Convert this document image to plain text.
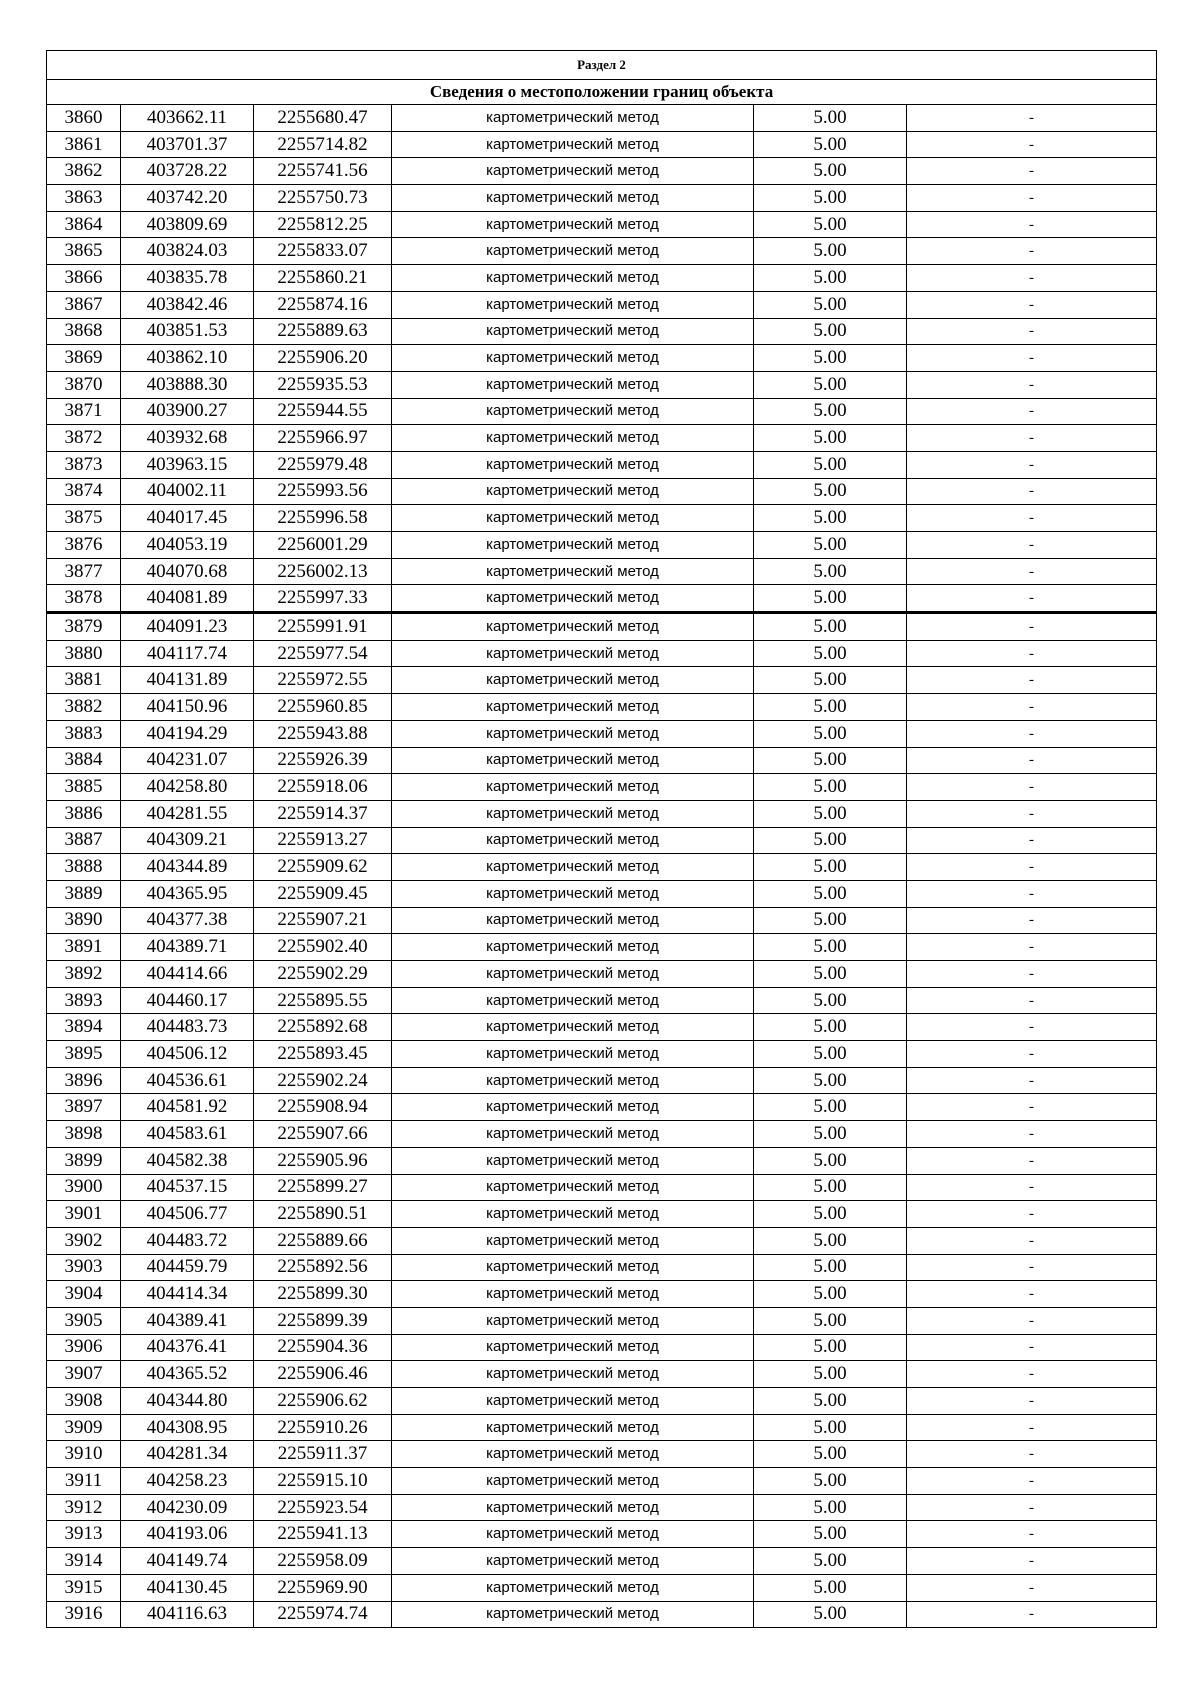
Раздел 2					
Сведения о местоположении границ объекта					
3860	403662.11	2255680.47	картометрический метод	5.00	-
3861	403701.37	2255714.82	картометрический метод	5.00	-
3862	403728.22	2255741.56	картометрический метод	5.00	-
3863	403742.20	2255750.73	картометрический метод	5.00	-
3864	403809.69	2255812.25	картометрический метод	5.00	-
3865	403824.03	2255833.07	картометрический метод	5.00	-
3866	403835.78	2255860.21	картометрический метод	5.00	-
3867	403842.46	2255874.16	картометрический метод	5.00	-
3868	403851.53	2255889.63	картометрический метод	5.00	-
3869	403862.10	2255906.20	картометрический метод	5.00	-
3870	403888.30	2255935.53	картометрический метод	5.00	-
3871	403900.27	2255944.55	картометрический метод	5.00	-
3872	403932.68	2255966.97	картометрический метод	5.00	-
3873	403963.15	2255979.48	картометрический метод	5.00	-
3874	404002.11	2255993.56	картометрический метод	5.00	-
3875	404017.45	2255996.58	картометрический метод	5.00	-
3876	404053.19	2256001.29	картометрический метод	5.00	-
3877	404070.68	2256002.13	картометрический метод	5.00	-
3878	404081.89	2255997.33	картометрический метод	5.00	-
3879	404091.23	2255991.91	картометрический метод	5.00	-
3880	404117.74	2255977.54	картометрический метод	5.00	-
3881	404131.89	2255972.55	картометрический метод	5.00	-
3882	404150.96	2255960.85	картометрический метод	5.00	-
3883	404194.29	2255943.88	картометрический метод	5.00	-
3884	404231.07	2255926.39	картометрический метод	5.00	-
3885	404258.80	2255918.06	картометрический метод	5.00	-
3886	404281.55	2255914.37	картометрический метод	5.00	-
3887	404309.21	2255913.27	картометрический метод	5.00	-
3888	404344.89	2255909.62	картометрический метод	5.00	-
3889	404365.95	2255909.45	картометрический метод	5.00	-
3890	404377.38	2255907.21	картометрический метод	5.00	-
3891	404389.71	2255902.40	картометрический метод	5.00	-
3892	404414.66	2255902.29	картометрический метод	5.00	-
3893	404460.17	2255895.55	картометрический метод	5.00	-
3894	404483.73	2255892.68	картометрический метод	5.00	-
3895	404506.12	2255893.45	картометрический метод	5.00	-
3896	404536.61	2255902.24	картометрический метод	5.00	-
3897	404581.92	2255908.94	картометрический метод	5.00	-
3898	404583.61	2255907.66	картометрический метод	5.00	-
3899	404582.38	2255905.96	картометрический метод	5.00	-
3900	404537.15	2255899.27	картометрический метод	5.00	-
3901	404506.77	2255890.51	картометрический метод	5.00	-
3902	404483.72	2255889.66	картометрический метод	5.00	-
3903	404459.79	2255892.56	картометрический метод	5.00	-
3904	404414.34	2255899.30	картометрический метод	5.00	-
3905	404389.41	2255899.39	картометрический метод	5.00	-
3906	404376.41	2255904.36	картометрический метод	5.00	-
3907	404365.52	2255906.46	картометрический метод	5.00	-
3908	404344.80	2255906.62	картометрический метод	5.00	-
3909	404308.95	2255910.26	картометрический метод	5.00	-
3910	404281.34	2255911.37	картометрический метод	5.00	-
3911	404258.23	2255915.10	картометрический метод	5.00	-
3912	404230.09	2255923.54	картометрический метод	5.00	-
3913	404193.06	2255941.13	картометрический метод	5.00	-
3914	404149.74	2255958.09	картометрический метод	5.00	-
3915	404130.45	2255969.90	картометрический метод	5.00	-
3916	404116.63	2255974.74	картометрический метод	5.00	-
